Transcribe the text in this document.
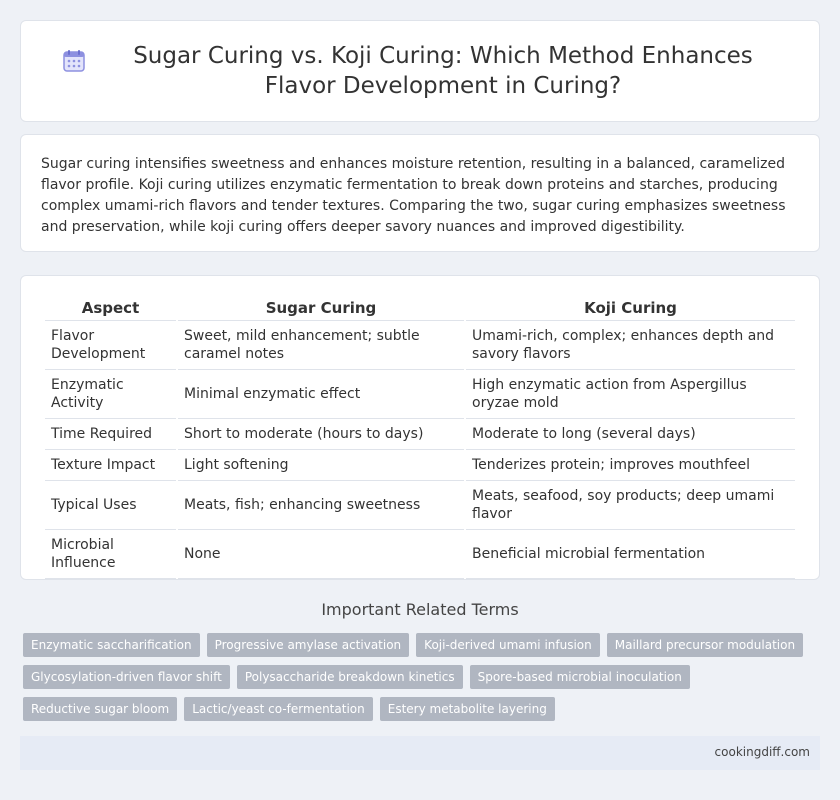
Sugar Curing vs. Koji Curing: Which Method Enhances Flavor Development in Curing?

Sugar curing intensifies sweetness and enhances moisture retention, resulting in a balanced, caramelized flavor profile. Koji curing utilizes enzymatic fermentation to break down proteins and starches, producing complex umami-rich flavors and tender textures. Comparing the two, sugar curing emphasizes sweetness and preservation, while koji curing offers deeper savory nuances and improved digestibility.

Aspect	Sugar Curing	Koji Curing
Flavor Development	Sweet, mild enhancement; subtle caramel notes	Umami-rich, complex; enhances depth and savory flavors
Enzymatic Activity	Minimal enzymatic effect	High enzymatic action from Aspergillus oryzae mold
Time Required	Short to moderate (hours to days)	Moderate to long (several days)
Texture Impact	Light softening	Tenderizes protein; improves mouthfeel
Typical Uses	Meats, fish; enhancing sweetness	Meats, seafood, soy products; deep umami flavor
Microbial Influence	None	Beneficial microbial fermentation
Important Related Terms
Enzymatic saccharification	Progressive amylase activation	Koji-derived umami infusion	Maillard precursor modulation
Glycosylation-driven flavor shift	Polysaccharide breakdown kinetics	Spore-based microbial inoculation
Reductive sugar bloom	Lactic/yeast co-fermentation	Estery metabolite layering
cookingdiff.com
